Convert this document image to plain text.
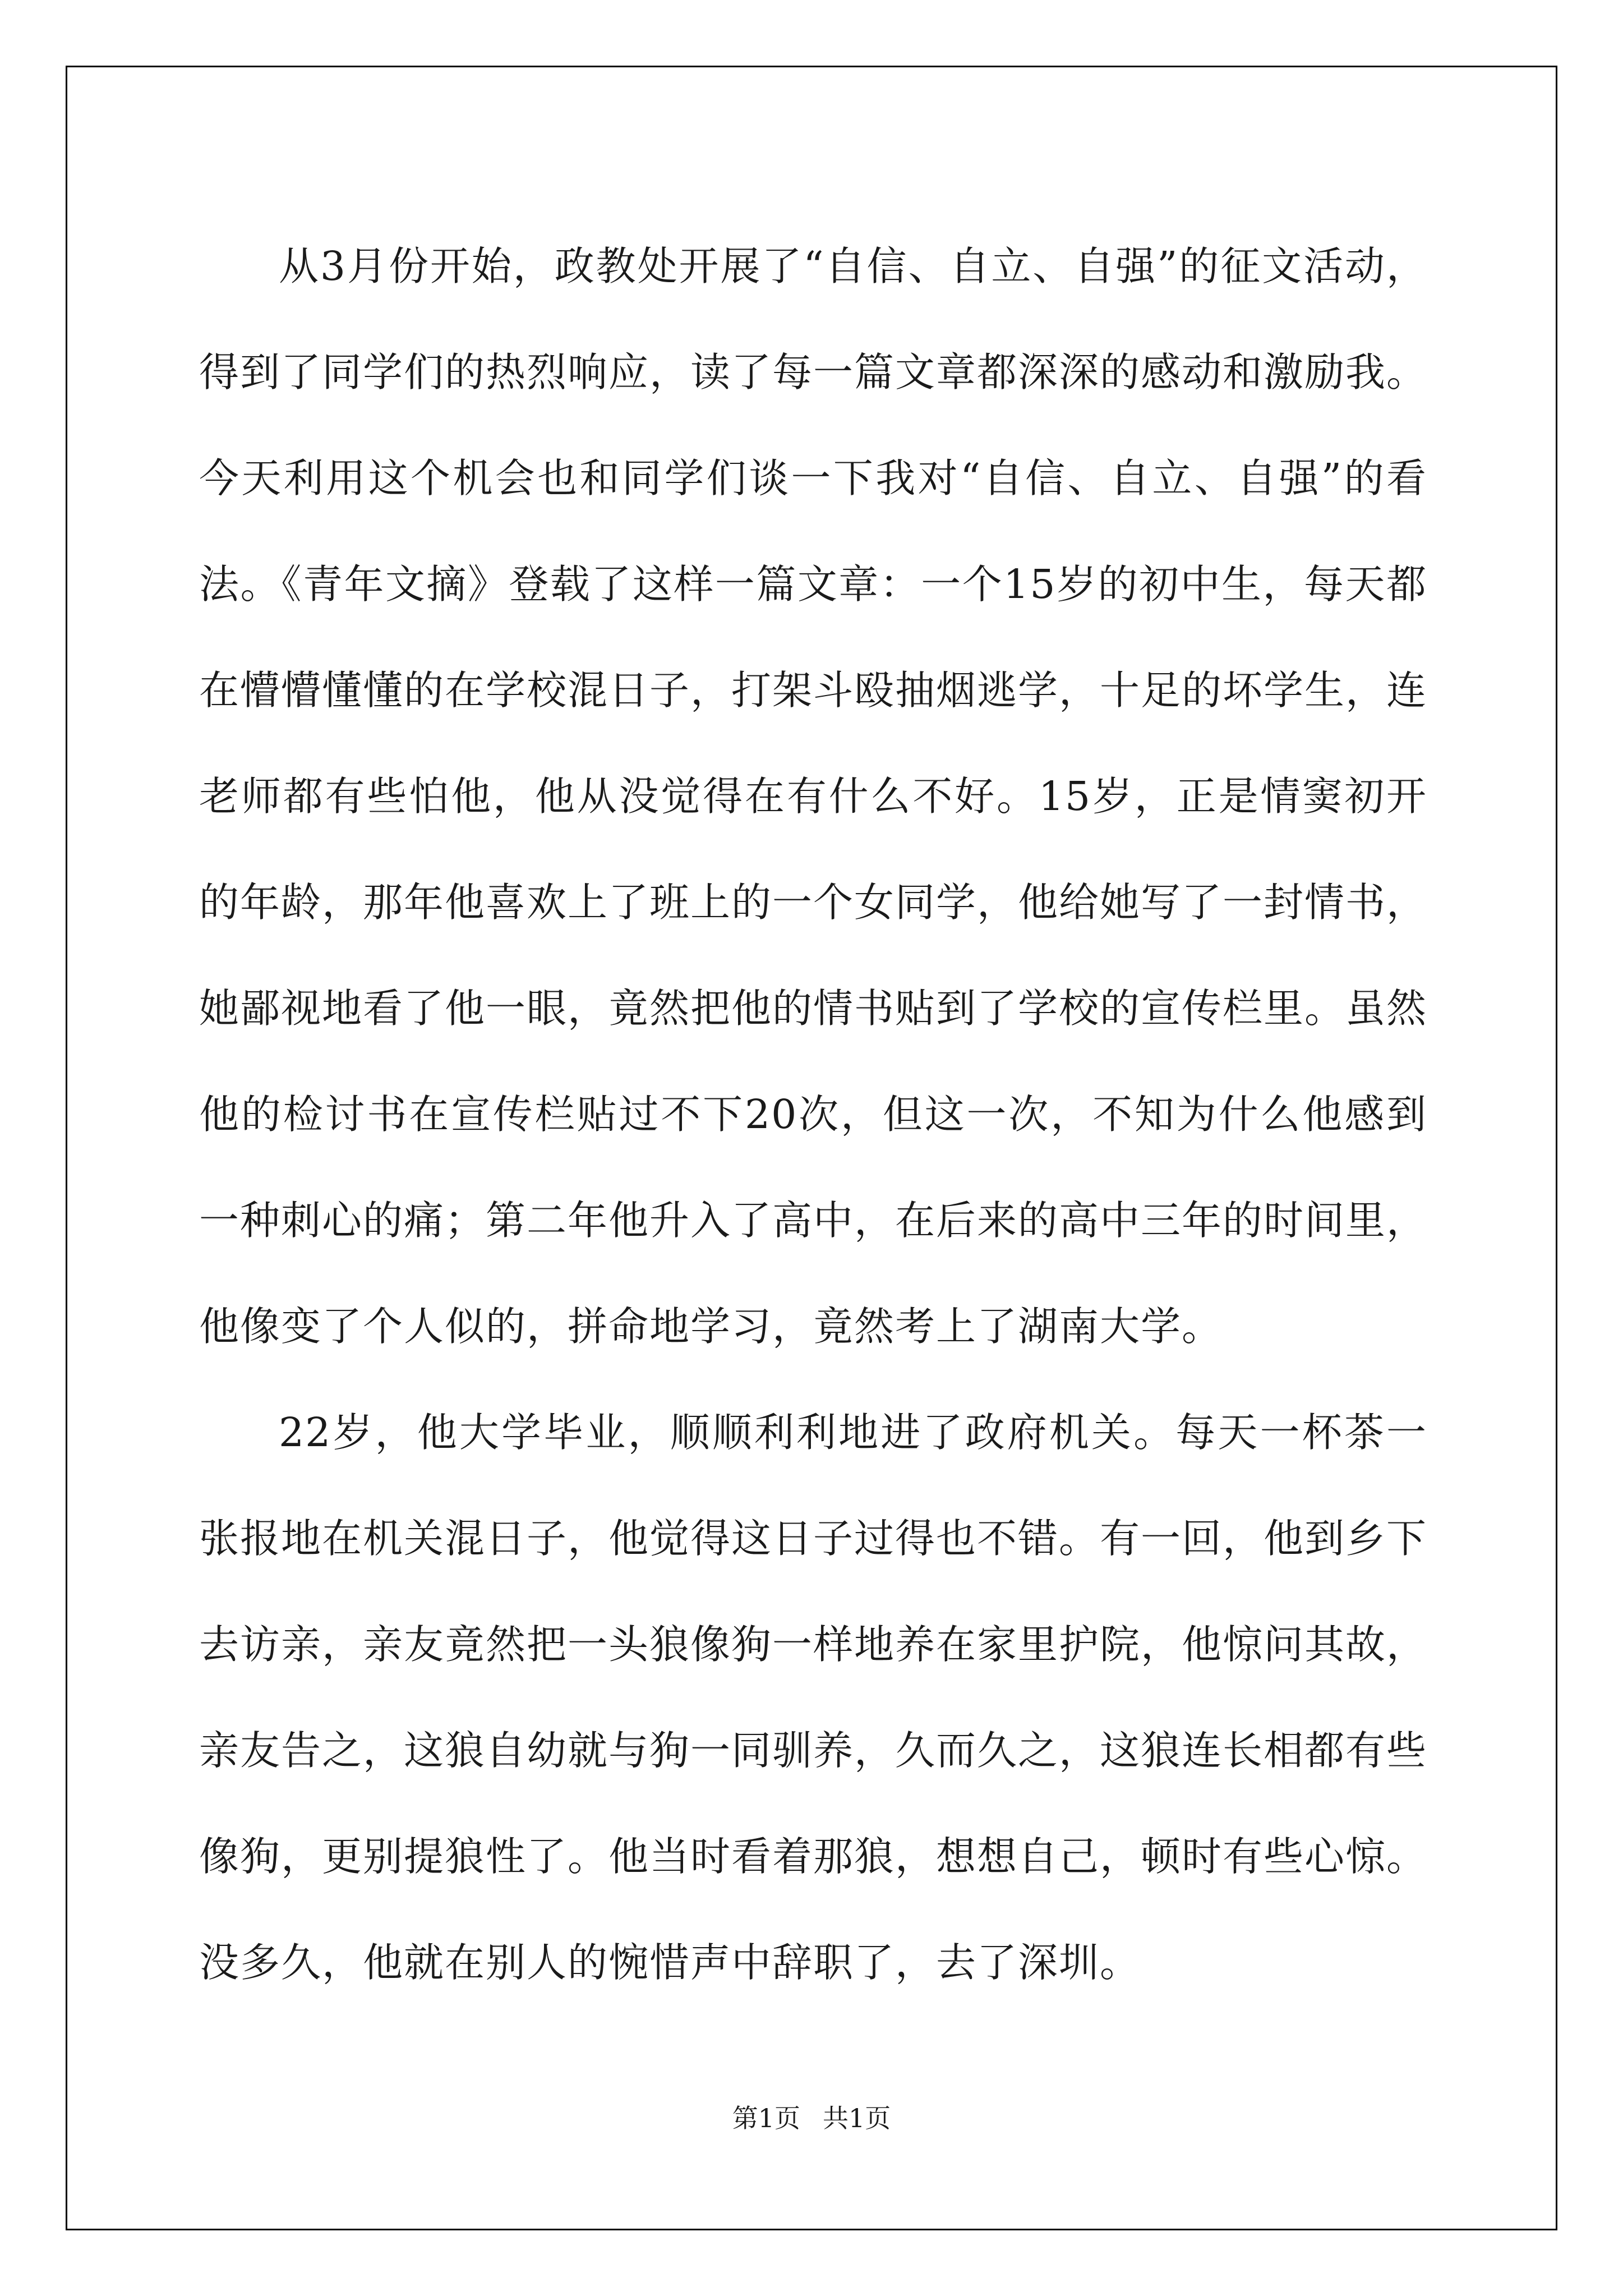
从3月份开始，政教处开展了“自信、自立、自强”的征文活动，得到了同学们的热烈响应，读了每一篇文章都深深的感动和激励我。今天利用这个机会也和同学们谈一下我对“自信、自立、自强”的看法。《青年文摘》登载了这样一篇文章：一个15岁的初中生，每天都在懵懵懂懂的在学校混日子，打架斗殴抽烟逃学，十足的坏学生，连老师都有些怕他，他从没觉得在有什么不好。15岁，正是情窦初开的年龄，那年他喜欢上了班上的一个女同学，他给她写了一封情书，她鄙视地看了他一眼，竟然把他的情书贴到了学校的宣传栏里。虽然他的检讨书在宣传栏贴过不下20次，但这一次，不知为什么他感到一种刺心的痛；第二年他升入了高中，在后来的高中三年的时间里，他像变了个人似的，拼命地学习，竟然考上了湖南大学。

22岁，他大学毕业，顺顺利利地进了政府机关。每天一杯茶一张报地在机关混日子，他觉得这日子过得也不错。有一回，他到乡下去访亲，亲友竟然把一头狼像狗一样地养在家里护院，他惊问其故，亲友告之，这狼自幼就与狗一同驯养，久而久之，这狼连长相都有些像狗，更别提狼性了。他当时看着那狼，想想自己，顿时有些心惊。没多久，他就在别人的惋惜声中辞职了，去了深圳。

第1页 共1页
